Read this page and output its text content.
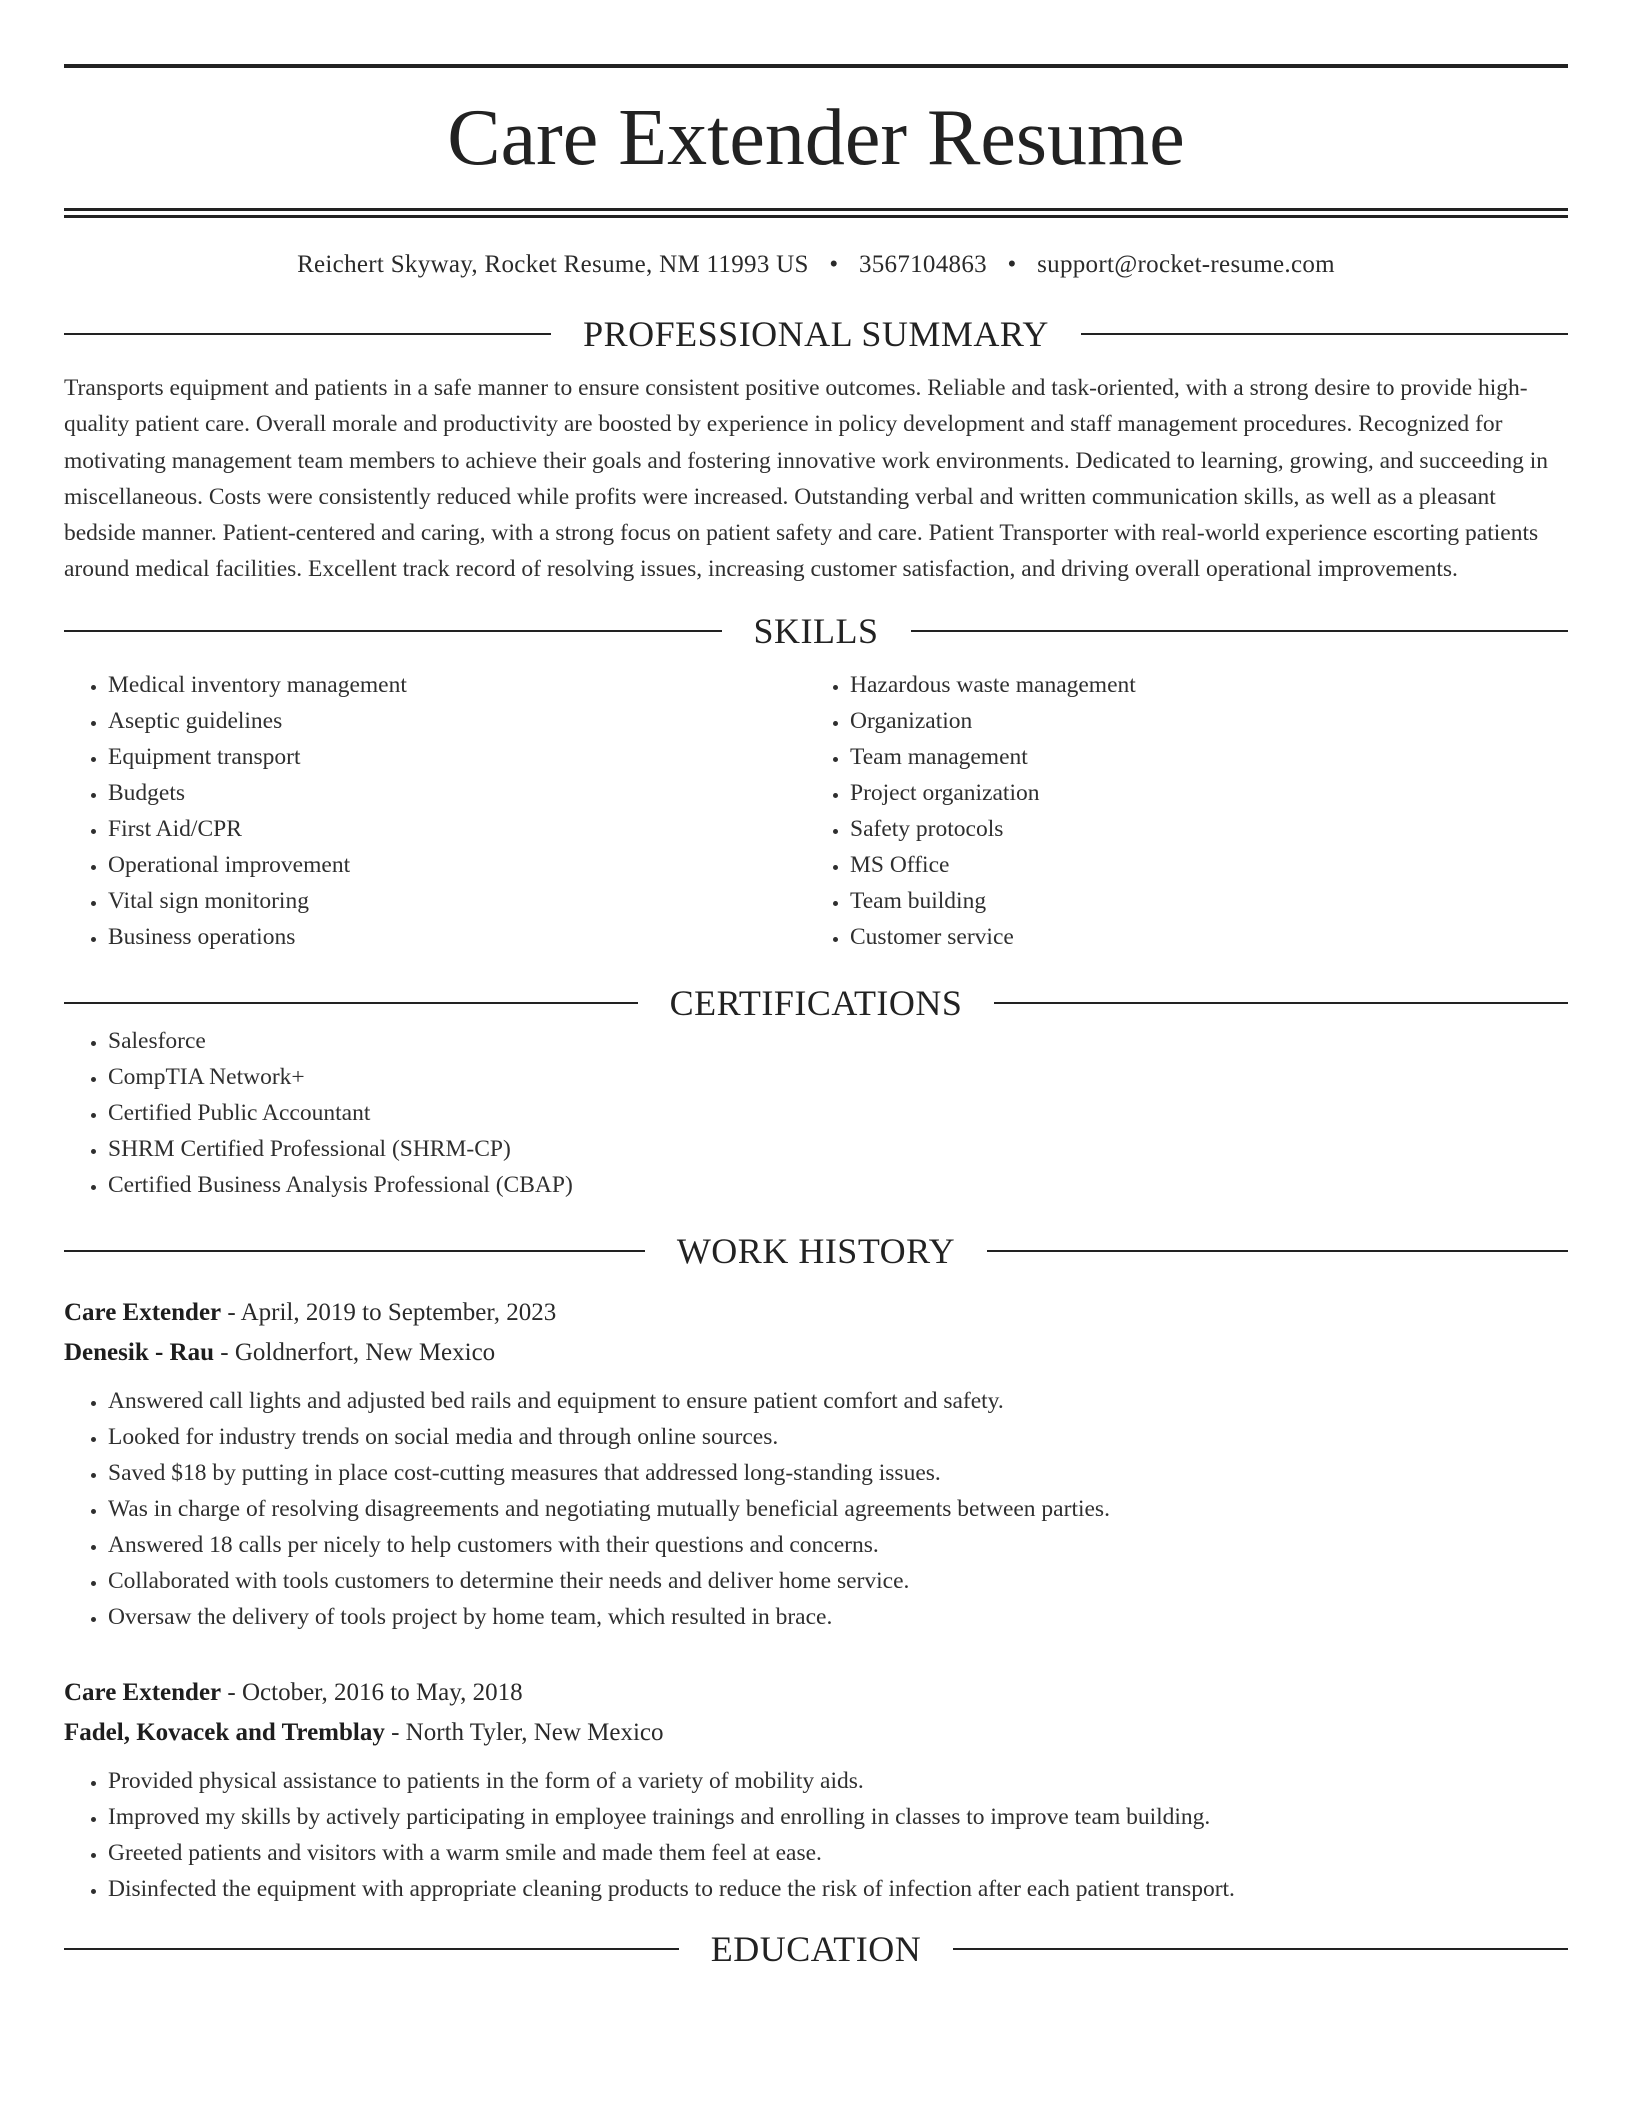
Care Extender Resume
Reichert Skyway, Rocket Resume, NM 11993 US • 3567104863 • support@rocket-resume.com
PROFESSIONAL SUMMARY

Transports equipment and patients in a safe manner to ensure consistent positive outcomes. Reliable and task-oriented, with a strong desire to provide high-quality patient care. Overall morale and productivity are boosted by experience in policy development and staff management procedures. Recognized for motivating management team members to achieve their goals and fostering innovative work environments. Dedicated to learning, growing, and succeeding in miscellaneous. Costs were consistently reduced while profits were increased. Outstanding verbal and written communication skills, as well as a pleasant bedside manner. Patient-centered and caring, with a strong focus on patient safety and care. Patient Transporter with real-world experience escorting patients around medical facilities. Excellent track record of resolving issues, increasing customer satisfaction, and driving overall operational improvements.

SKILLS
• Medical inventory management
• Aseptic guidelines
• Equipment transport
• Budgets
• First Aid/CPR
• Operational improvement
• Vital sign monitoring
• Business operations
• Hazardous waste management
• Organization
• Team management
• Project organization
• Safety protocols
• MS Office
• Team building
• Customer service
CERTIFICATIONS
• Salesforce
• CompTIA Network+
• Certified Public Accountant
• SHRM Certified Professional (SHRM-CP)
• Certified Business Analysis Professional (CBAP)
WORK HISTORY
Care Extender - April, 2019 to September, 2023
Denesik - Rau - Goldnerfort, New Mexico
• Answered call lights and adjusted bed rails and equipment to ensure patient comfort and safety.
• Looked for industry trends on social media and through online sources.
• Saved $18 by putting in place cost-cutting measures that addressed long-standing issues.
• Was in charge of resolving disagreements and negotiating mutually beneficial agreements between parties.
• Answered 18 calls per nicely to help customers with their questions and concerns.
• Collaborated with tools customers to determine their needs and deliver home service.
• Oversaw the delivery of tools project by home team, which resulted in brace.
Care Extender - October, 2016 to May, 2018
Fadel, Kovacek and Tremblay - North Tyler, New Mexico
• Provided physical assistance to patients in the form of a variety of mobility aids.
• Improved my skills by actively participating in employee trainings and enrolling in classes to improve team building.
• Greeted patients and visitors with a warm smile and made them feel at ease.
• Disinfected the equipment with appropriate cleaning products to reduce the risk of infection after each patient transport.
EDUCATION
